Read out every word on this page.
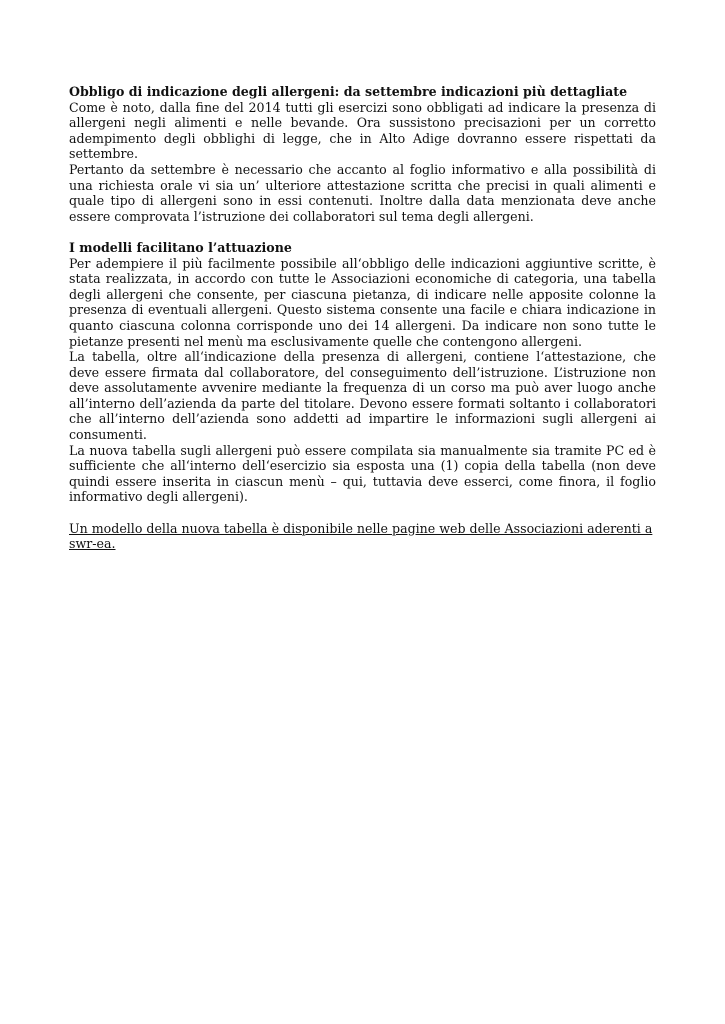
Obbligo di indicazione degli allergeni: da settembre indicazioni più dettagliate

Come è noto, dalla fine del 2014 tutti gli esercizi sono obbligati ad indicare la presenza di allergeni negli alimenti e nelle bevande. Ora sussistono precisazioni per un corretto adempimento degli obblighi di legge, che in Alto Adige dovranno essere rispettati da settembre.

Pertanto da settembre è necessario che accanto al foglio informativo e alla possibilità di una richiesta orale vi sia un’ ulteriore attestazione scritta che precisi in quali alimenti e quale tipo di allergeni sono in essi contenuti. Inoltre dalla data menzionata deve anche essere comprovata l’istruzione dei collaboratori sul tema degli allergeni.

I modelli facilitano l’attuazione

Per adempiere il più facilmente possibile all‘obbligo delle indicazioni aggiuntive scritte, è stata realizzata, in accordo con tutte le Associazioni economiche di categoria, una tabella degli allergeni che consente, per ciascuna pietanza, di indicare nelle apposite colonne la presenza di eventuali allergeni. Questo sistema consente una facile e chiara indicazione in quanto ciascuna colonna corrisponde uno dei 14 allergeni. Da indicare non sono tutte le pietanze presenti nel menù ma esclusivamente quelle che contengono allergeni.

La tabella, oltre all‘indicazione della presenza di allergeni, contiene l‘attestazione, che deve essere firmata dal collaboratore, del conseguimento dell’istruzione. L’istruzione non deve assolutamente avvenire mediante la frequenza di un corso ma può aver luogo anche all’interno dell’azienda da parte del titolare. Devono essere formati soltanto i collaboratori che all’interno dell’azienda sono addetti ad impartire le informazioni sugli allergeni ai consumenti.

La nuova tabella sugli allergeni può essere compilata sia manualmente sia tramite PC ed è sufficiente che all‘interno dell‘esercizio sia esposta una (1) copia della tabella (non deve quindi essere inserita in ciascun menù – qui, tuttavia deve esserci, come finora, il foglio informativo degli allergeni).

Un modello della nuova tabella è disponibile nelle pagine web delle Associazioni aderenti a swr-ea.
